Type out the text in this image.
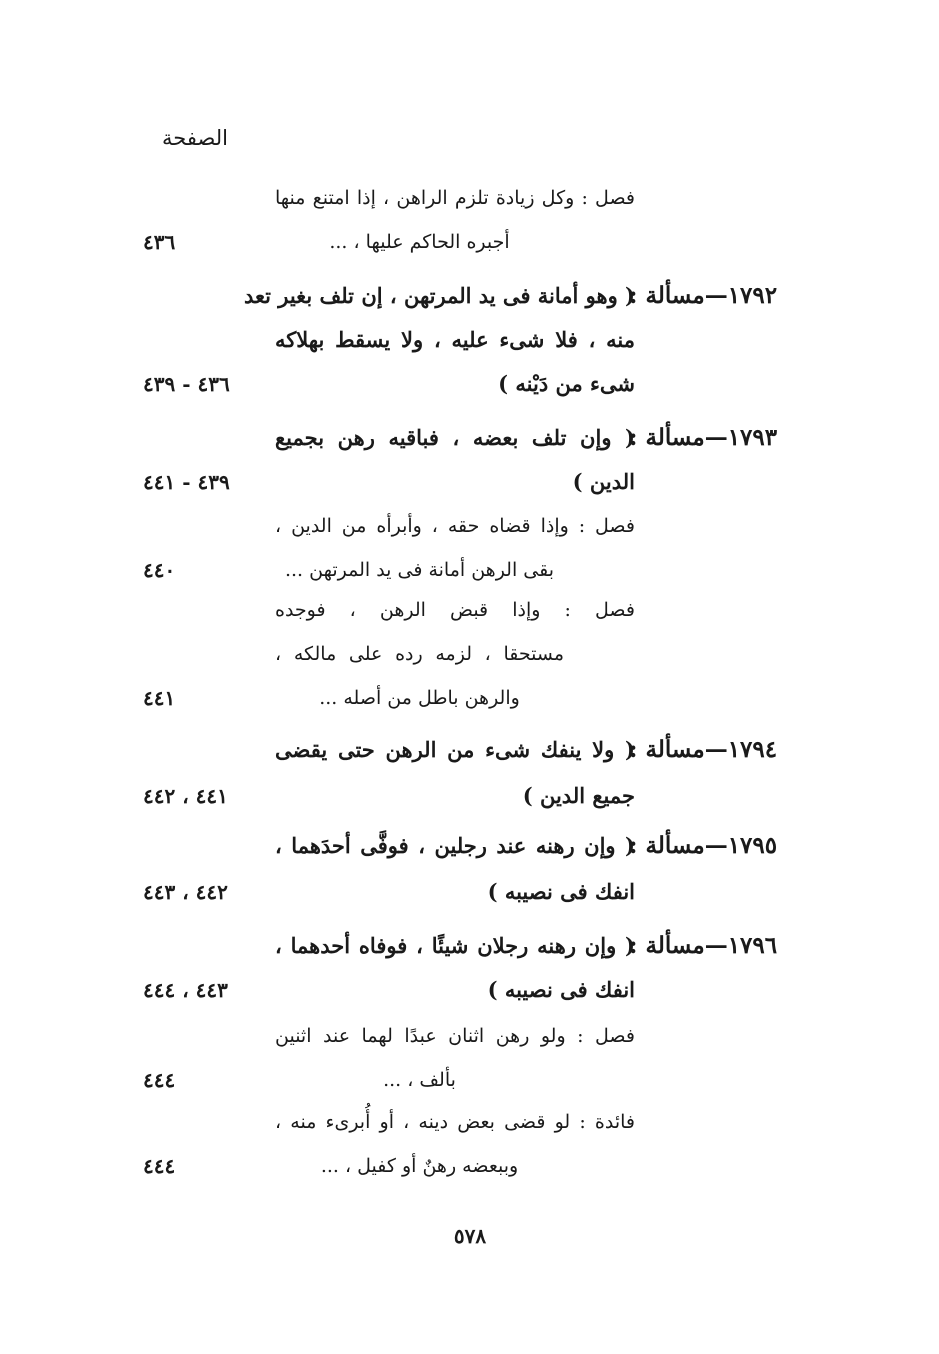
الصفحة
فصل : وكل زيادة تلزم الراهن ، إذا امتنع منها
أجبره الحاكم عليها ، ...
٤٣٦
١٧٩٢—مسألة :
( وهو أمانة فى يد المرتهن ، إن تلف بغير تعد
منه ، فلا شىء عليه ، ولا يسقط بهلاكه
شىء من دَيْنه )
٤٣٦ - ٤٣٩
١٧٩٣—مسألة :
( وإن تلف بعضه ، فباقيه رهن بجميع
الدين )
٤٣٩ - ٤٤١
فصل : وإذا قضاه حقه ، وأبرأه من الدين ،
بقى الرهن أمانة فى يد المرتهن ...
٤٤٠
فصل : وإذا قبض الرهن ، فوجده
مستحقا ، لزمه رده على مالكه ،
والرهن باطل من أصله ...
٤٤١
١٧٩٤—مسألة :
( ولا ينفك شىء من الرهن حتى يقضى
جميع الدين )
٤٤١ ، ٤٤٢
١٧٩٥—مسألة :
( وإن رهنه عند رجلين ، فوفَّى أحدَهما ،
انفك فى نصيبه )
٤٤٢ ، ٤٤٣
١٧٩٦—مسألة :
( وإن رهنه رجلان شيئًا ، فوفاه أحدهما ،
انفك فى نصيبه )
٤٤٣ ، ٤٤٤
فصل : ولو رهن اثنان عبدًا لهما عند اثنين
بألف ، ...
٤٤٤
فائدة : لو قضى بعض دينه ، أو أُبرىء منه ،
وببعضه رهنٌ أو كفيل ، ...
٤٤٤
٥٧٨
